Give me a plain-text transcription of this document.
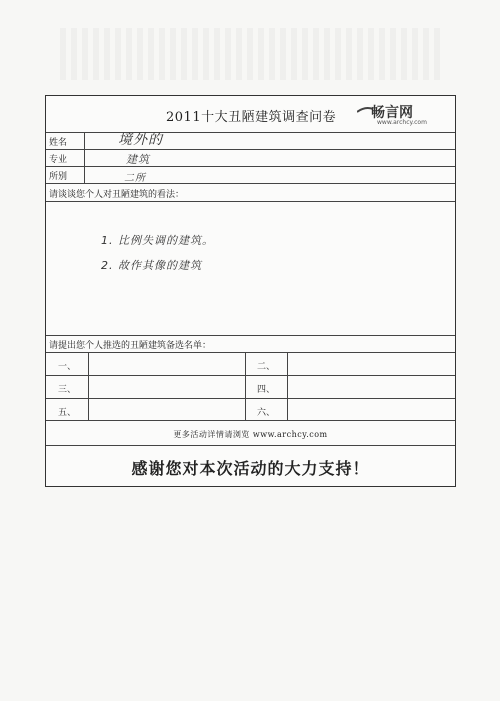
2011十大丑陋建筑调查问卷 畅言网
www.archcy.com
姓名	境外的
专业	建筑
所别	二所
请谈谈您个人对丑陋建筑的看法：
1. 比例失调的建筑。
2. 故作其像的建筑
请提出您个人推选的丑陋建筑备选名单：
一、	二、
三、	四、
五、	六、
更多活动详情请浏览 www.archcy.com
感谢您对本次活动的大力支持！
